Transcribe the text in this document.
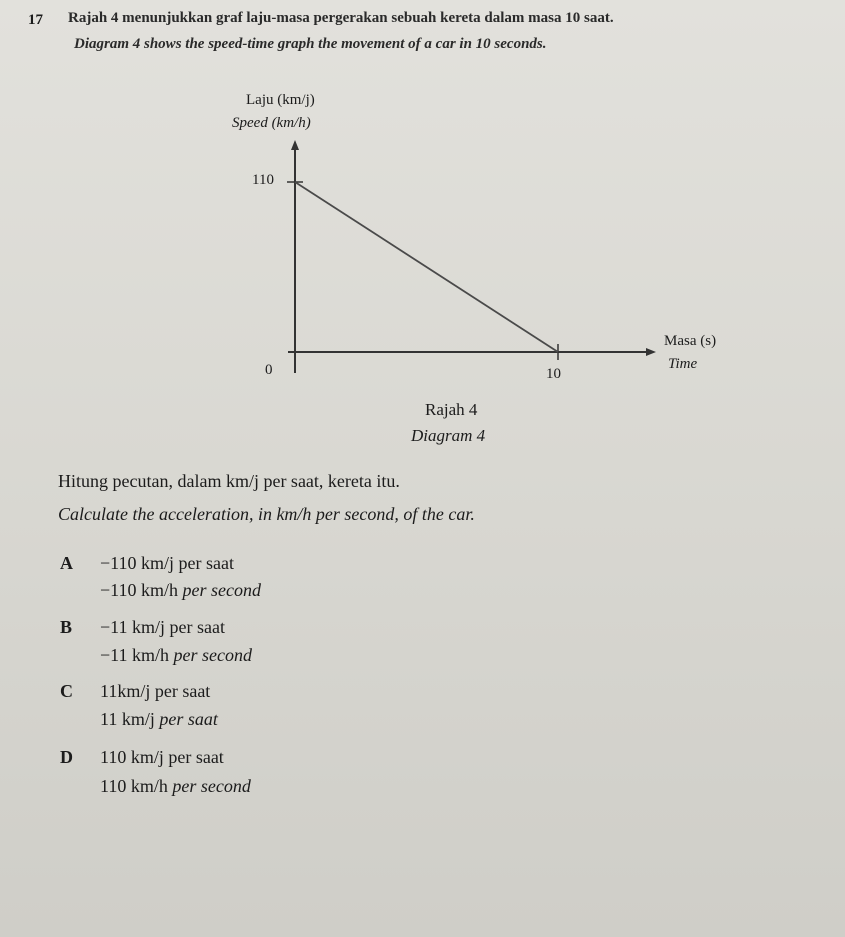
17 Rajah 4 menunjukkan graf laju-masa pergerakan sebuah kereta dalam masa 10 saat.
Diagram 4 shows the speed-time graph the movement of a car in 10 seconds.
Laju (km/j)
Speed (km/h)
110
0	10
Masa (s)
Time
Rajah 4
Diagram 4
Hitung pecutan, dalam km/j per saat, kereta itu.
Calculate the acceleration, in km/h per second, of the car.
A −110 km/j per saat
−110 km/h per second
B −11 km/j per saat
−11 km/h per second
C 11km/j per saat
11 km/j per saat
D 110 km/j per saat
110 km/h per second
